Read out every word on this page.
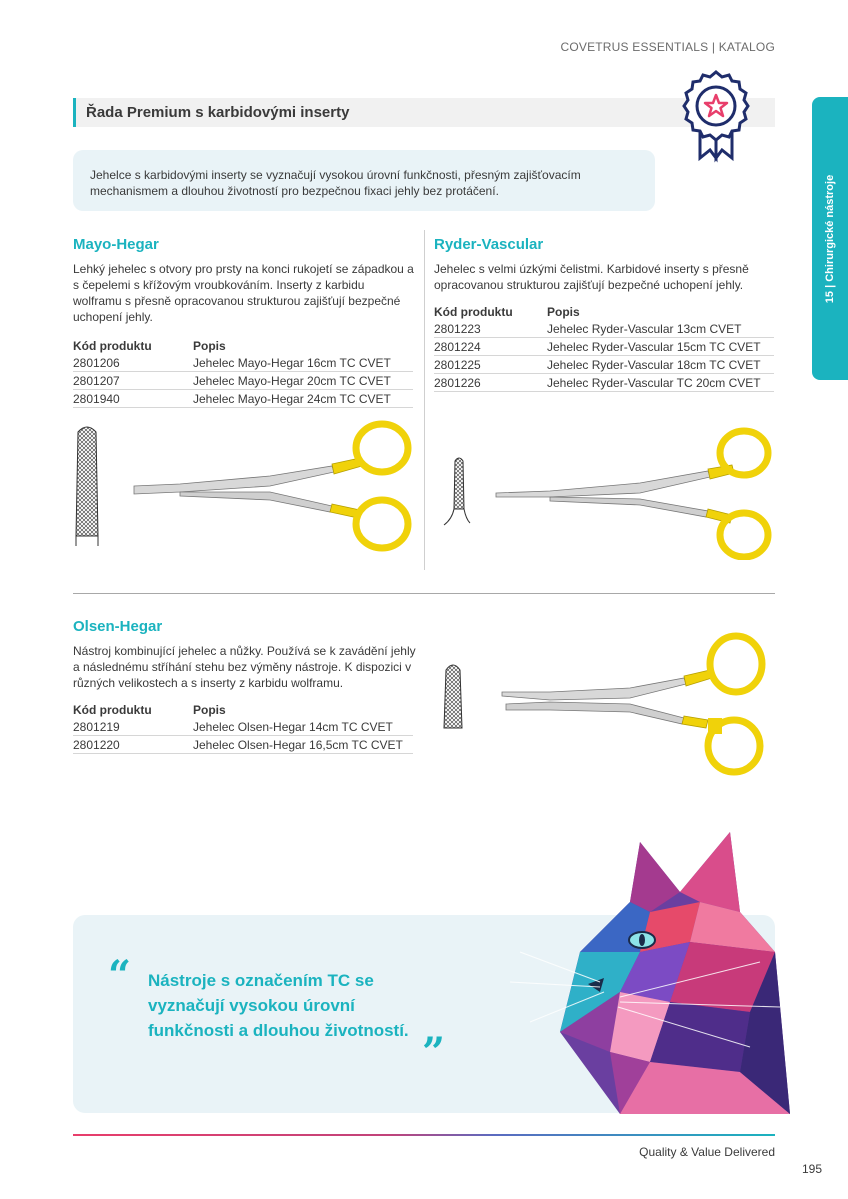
COVETRUS ESSENTIALS | KATALOG
Řada Premium s karbidovými inserty
15 | Chirurgické nástroje

Jehelce s karbidovými inserty se vyznačují vysokou úrovní funkčnosti, přesným zajišťovacím mechanismem a dlouhou životností pro bezpečnou fixaci jehly bez protáčení.

Mayo-Hegar

Lehký jehelec s otvory pro prsty na konci rukojetí se západkou a s čepelemi s křížovým vroubkováním. Inserty z karbidu wolframu s přesně opracovanou strukturou zajišťují bezpečné uchopení jehly.

Kód produktu	Popis
2801206	Jehelec Mayo-Hegar 16cm TC CVET
2801207	Jehelec Mayo-Hegar 20cm TC CVET
2801940	Jehelec Mayo-Hegar 24cm TC CVET
Ryder-Vascular

Jehelec s velmi úzkými čelistmi. Karbidové inserty s přesně opracovanou strukturou zajišťují bezpečné uchopení jehly.

Kód produktu	Popis
2801223	Jehelec Ryder-Vascular 13cm CVET
2801224	Jehelec Ryder-Vascular 15cm TC CVET
2801225	Jehelec Ryder-Vascular 18cm TC CVET
2801226	Jehelec Ryder-Vascular TC 20cm CVET
Olsen-Hegar

Nástroj kombinující jehelec a nůžky. Používá se k zavádění jehly a následnému stříhání stehu bez výměny nástroje. K dispozici v různých velikostech a s inserty z karbidu wolframu.

Kód produktu	Popis
2801219	Jehelec Olsen-Hegar 14cm TC CVET
2801220	Jehelec Olsen-Hegar 16,5cm TC CVET
“ Nástroje s označením TC se vyznačují vysokou úrovní funkčnosti a dlouhou životností. ”
Quality & Value Delivered
195
